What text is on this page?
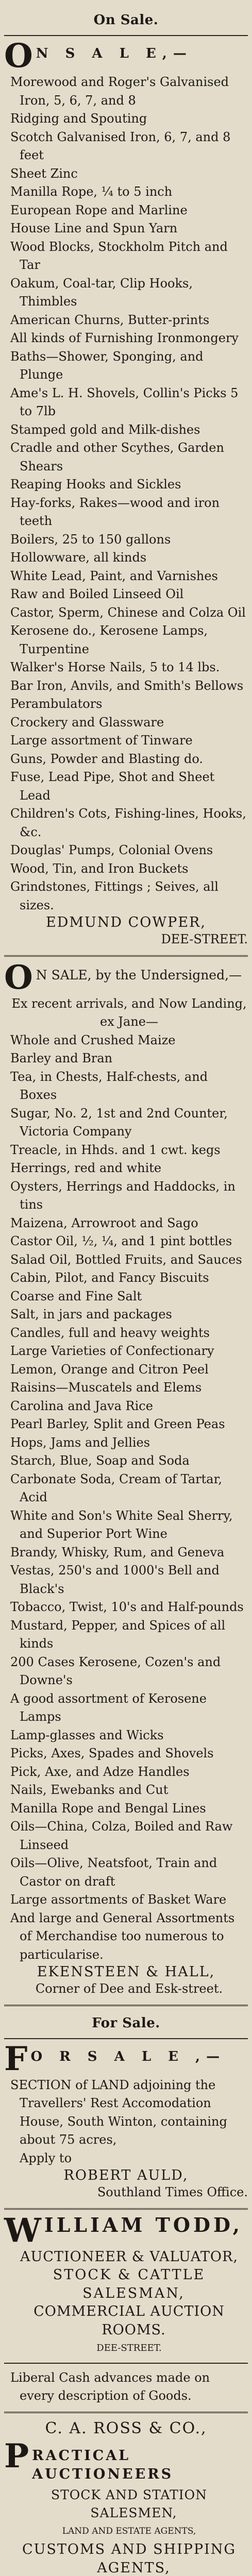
On Sale.
O N S A L E,—

Morewood and Roger's Galvanised Iron, 5, 6, 7, and 8

Ridging and Spouting

Scotch Galvanised Iron, 6, 7, and 8 feet

Sheet Zinc

Manilla Rope, ¼ to 5 inch

European Rope and Marline

House Line and Spun Yarn

Wood Blocks, Stockholm Pitch and Tar

Oakum, Coal-tar, Clip Hooks, Thimbles

American Churns, Butter-prints

All kinds of Furnishing Ironmongery

Baths—Shower, Sponging, and Plunge

Ame's L. H. Shovels, Collin's Picks 5 to 7lb

Stamped gold and Milk-dishes

Cradle and other Scythes, Garden Shears

Reaping Hooks and Sickles

Hay-forks, Rakes—wood and iron teeth

Boilers, 25 to 150 gallons

Hollowware, all kinds

White Lead, Paint, and Varnishes

Raw and Boiled Linseed Oil

Castor, Sperm, Chinese and Colza Oil

Kerosene do., Kerosene Lamps, Turpentine

Walker's Horse Nails, 5 to 14 lbs.

Bar Iron, Anvils, and Smith's Bellows

Perambulators

Crockery and Glassware

Large assortment of Tinware

Guns, Powder and Blasting do.

Fuse, Lead Pipe, Shot and Sheet Lead

Children's Cots, Fishing-lines, Hooks, &c.

Douglas' Pumps, Colonial Ovens

Wood, Tin, and Iron Buckets

Grindstones, Fittings ; Seives, all sizes.

EDMUND COWPER,
DEE-STREET.
O N SALE, by the Undersigned,—
Ex recent arrivals, and Now Landing,
ex Jane—

Whole and Crushed Maize

Barley and Bran

Tea, in Chests, Half-chests, and Boxes

Sugar, No. 2, 1st and 2nd Counter, Victoria Company

Treacle, in Hhds. and 1 cwt. kegs

Herrings, red and white

Oysters, Herrings and Haddocks, in tins

Maizena, Arrowroot and Sago

Castor Oil, ½, ¼, and 1 pint bottles

Salad Oil, Bottled Fruits, and Sauces

Cabin, Pilot, and Fancy Biscuits

Coarse and Fine Salt

Salt, in jars and packages

Candles, full and heavy weights

Large Varieties of Confectionary

Lemon, Orange and Citron Peel

Raisins—Muscatels and Elems

Carolina and Java Rice

Pearl Barley, Split and Green Peas

Hops, Jams and Jellies

Starch, Blue, Soap and Soda

Carbonate Soda, Cream of Tartar, Acid

White and Son's White Seal Sherry, and Superior Port Wine

Brandy, Whisky, Rum, and Geneva

Vestas, 250's and 1000's Bell and Black's

Tobacco, Twist, 10's and Half-pounds

Mustard, Pepper, and Spices of all kinds

200 Cases Kerosene, Cozen's and Downe's

A good assortment of Kerosene Lamps

Lamp-glasses and Wicks

Picks, Axes, Spades and Shovels

Pick, Axe, and Adze Handles

Nails, Ewebanks and Cut

Manilla Rope and Bengal Lines

Oils—China, Colza, Boiled and Raw Linseed

Oils—Olive, Neatsfoot, Train and Castor on draft

Large assortments of Basket Ware

And large and General Assortments of Merchandise too numerous to particularise.
EKENSTEEN & HALL,
Corner of Dee and Esk-street.
For Sale.
F O R S A L E ,—
SECTION of LAND adjoining the Travellers' Rest Accomodation House, South Winton, containing about 75 acres,
Apply to
ROBERT AULD,
Southland Times Office.
W ILLIAM TODD,
AUCTIONEER & VALUATOR,
STOCK & CATTLE SALESMAN,
COMMERCIAL AUCTION ROOMS.
DEE-STREET.
Liberal Cash advances made on every description of Goods.
C. A. ROSS & CO.,
P RACTICAL AUCTIONEERS
STOCK AND STATION SALESMEN,
LAND AND ESTATE AGENTS,
CUSTOMS AND SHIPPING AGENTS,
